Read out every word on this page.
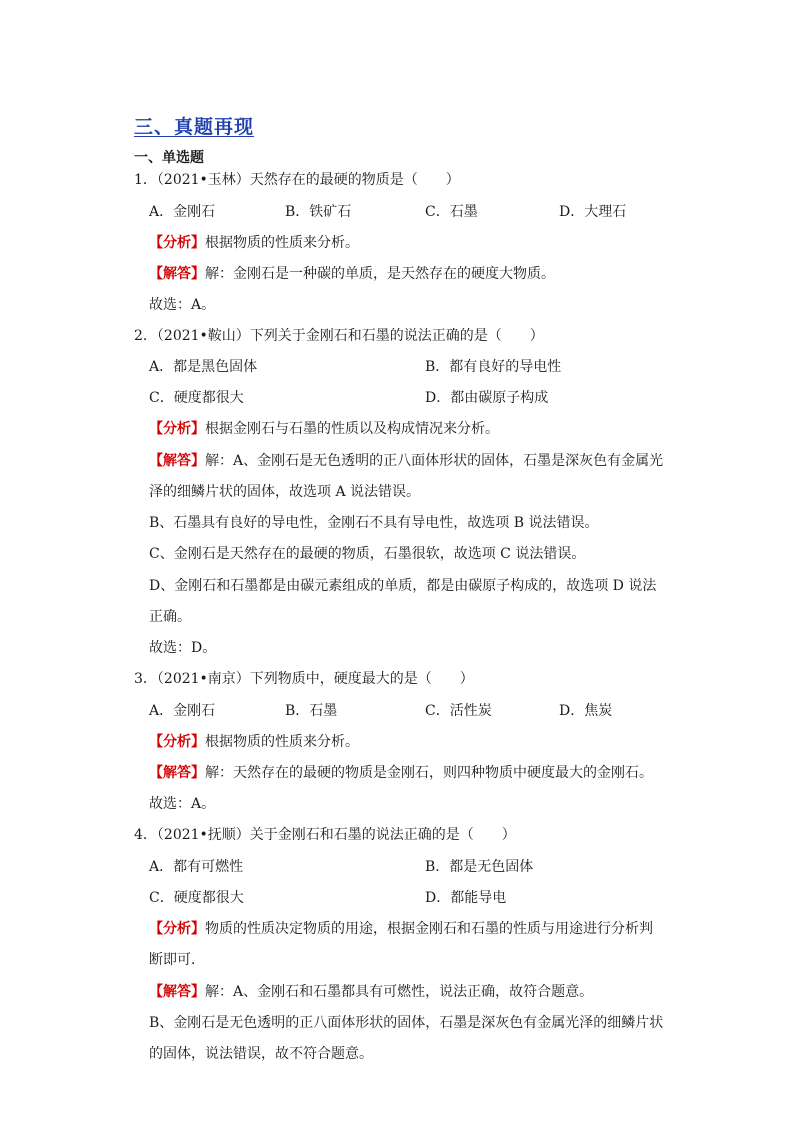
三、真题再现
一、单选题
1．（2021•玉林）天然存在的最硬的物质是（　　）
A．金刚石	B．铁矿石	C．石墨	D．大理石
【分析】根据物质的性质来分析。
【解答】解：金刚石是一种碳的单质，是天然存在的硬度大物质。
故选：A。
2．（2021•鞍山）下列关于金刚石和石墨的说法正确的是（　　）
A．都是黑色固体	B．都有良好的导电性
C．硬度都很大	D．都由碳原子构成
【分析】根据金刚石与石墨的性质以及构成情况来分析。
【解答】解：A、金刚石是无色透明的正八面体形状的固体，石墨是深灰色有金属光
泽的细鳞片状的固体，故选项 A 说法错误。
B、石墨具有良好的导电性，金刚石不具有导电性，故选项 B 说法错误。
C、金刚石是天然存在的最硬的物质，石墨很软，故选项 C 说法错误。
D、金刚石和石墨都是由碳元素组成的单质，都是由碳原子构成的，故选项 D 说法
正确。
故选：D。
3．（2021•南京）下列物质中，硬度最大的是（　　）
A．金刚石	B．石墨	C．活性炭	D．焦炭
【分析】根据物质的性质来分析。
【解答】解：天然存在的最硬的物质是金刚石，则四种物质中硬度最大的金刚石。
故选：A。
4．（2021•抚顺）关于金刚石和石墨的说法正确的是（　　）
A．都有可燃性	B．都是无色固体
C．硬度都很大	D．都能导电
【分析】物质的性质决定物质的用途，根据金刚石和石墨的性质与用途进行分析判
断即可．
【解答】解：A、金刚石和石墨都具有可燃性，说法正确，故符合题意。
B、金刚石是无色透明的正八面体形状的固体，石墨是深灰色有金属光泽的细鳞片状
的固体，说法错误，故不符合题意。
